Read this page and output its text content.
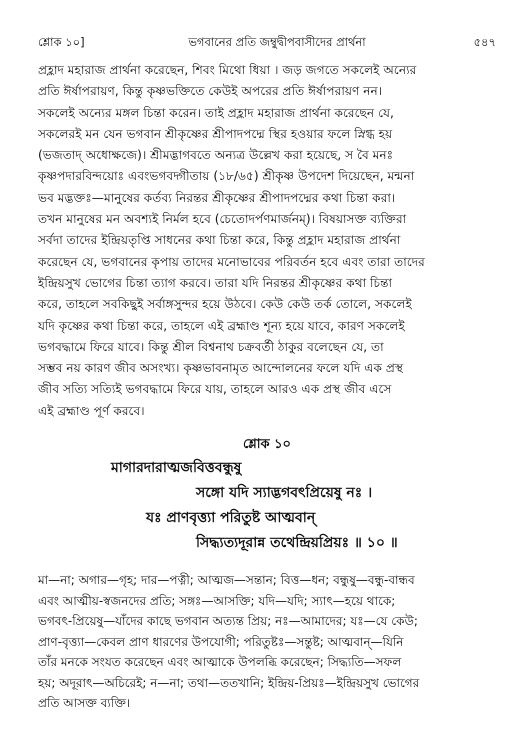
শ্লোক ১০]	ভগবানের প্রতি জম্বুদ্বীপবাসীদের প্রার্থনা	৫৪৭
প্রহ্লাদ মহারাজ প্রার্থনা করেছেন, শিবং মিথো ধিয়া । জড় জগতে সকলেই অন্যের
প্রতি ঈর্ষাপরায়ণ, কিন্তু কৃষ্ণভক্তিতে কেউই অপরের প্রতি ঈর্ষাপরায়ণ নন।
সকলেই অন্যের মঙ্গল চিন্তা করেন। তাই প্রহ্লাদ মহারাজ প্রার্থনা করেছেন যে,
সকলেরই মন যেন ভগবান শ্রীকৃষ্ণের শ্রীপাদপদ্মে স্থির হওয়ার ফলে স্নিগ্ধ হয়
(ভজতাদ্ অধোক্ষজে)। শ্রীমদ্ভাগবতে অন্যত্র উল্লেখ করা হয়েছে, স বৈ মনঃ
কৃষ্ণপদারবিন্দয়োঃ এবংভগবদ্গীতায় (১৮/৬৫) শ্রীকৃষ্ণ উপদেশ দিয়েছেন, মন্মনা
ভব মদ্ভক্তঃ—মানুষের কর্তব্য নিরন্তর শ্রীকৃষ্ণের শ্রীপাদপদ্মের কথা চিন্তা করা।
তখন মানুষের মন অবশ্যই নির্মল হবে (চেতোদর্পণমার্জনম্)। বিষয়াসক্ত ব্যক্তিরা
সর্বদা তাদের ইন্দ্রিয়তৃপ্তি সাধনের কথা চিন্তা করে, কিন্তু প্রহ্লাদ মহারাজ প্রার্থনা
করেছেন যে, ভগবানের কৃপায় তাদের মনোভাবের পরিবর্তন হবে এবং তারা তাদের
ইন্দ্রিয়সুখ ভোগের চিন্তা ত্যাগ করবে। তারা যদি নিরন্তর শ্রীকৃষ্ণের কথা চিন্তা
করে, তাহলে সবকিছুই সর্বাঙ্গসুন্দর হয়ে উঠবে। কেউ কেউ তর্ক তোলে, সকলেই
যদি কৃষ্ণের কথা চিন্তা করে, তাহলে এই ব্রহ্মাণ্ড শূন্য হয়ে যাবে, কারণ সকলেই
ভগবদ্ধামে ফিরে যাবে। কিন্তু শ্রীল বিশ্বনাথ চক্রবর্তী ঠাকুর বলেছেন যে, তা
সম্ভব নয় কারণ জীব অসংখ্য। কৃষ্ণভাবনামৃত আন্দোলনের ফলে যদি এক প্রস্থ
জীব সত্যি সত্যিই ভগবদ্ধামে ফিরে যায়, তাহলে আরও এক প্রস্থ জীব এসে
এই ব্রহ্মাণ্ড পূর্ণ করবে।
শ্লোক ১০
মাগারদারাত্মজবিত্তবন্ধুষু
সঙ্গো যদি স্যাদ্ভগবৎপ্রিয়েষু নঃ ।
যঃ প্রাণবৃত্ত্যা পরিতুষ্ট আত্মবান্
সিদ্ধ্যত্যদূরান্ন তথেন্দ্রিয়প্রিয়ঃ ॥ ১০ ॥
মা—না; অগার—গৃহ; দার—পত্নী; আত্মজ—সন্তান; বিত্ত—ধন; বন্ধুষু—বন্ধু-বান্ধব
এবং আত্মীয়-স্বজনদের প্রতি; সঙ্গঃ—আসক্তি; যদি—যদি; স্যাৎ—হয়ে থাকে;
ভগবৎ-প্রিয়েষু—যাঁদের কাছে ভগবান অত্যন্ত প্রিয়; নঃ—আমাদের; যঃ—যে কেউ;
প্রাণ-বৃত্ত্যা—কেবল প্রাণ ধারণের উপযোগী; পরিতুষ্টঃ—সন্তুষ্ট; আত্মবান্—যিনি
তাঁর মনকে সংযত করেছেন এবং আত্মাকে উপলব্ধি করেছেন; সিদ্ধ্যতি—সফল
হয়; অদূরাৎ—অচিরেই; ন—না; তথা—ততখানি; ইন্দ্রিয়-প্রিয়ঃ—ইন্দ্রিয়সুখ ভোগের
প্রতি আসক্ত ব্যক্তি।
